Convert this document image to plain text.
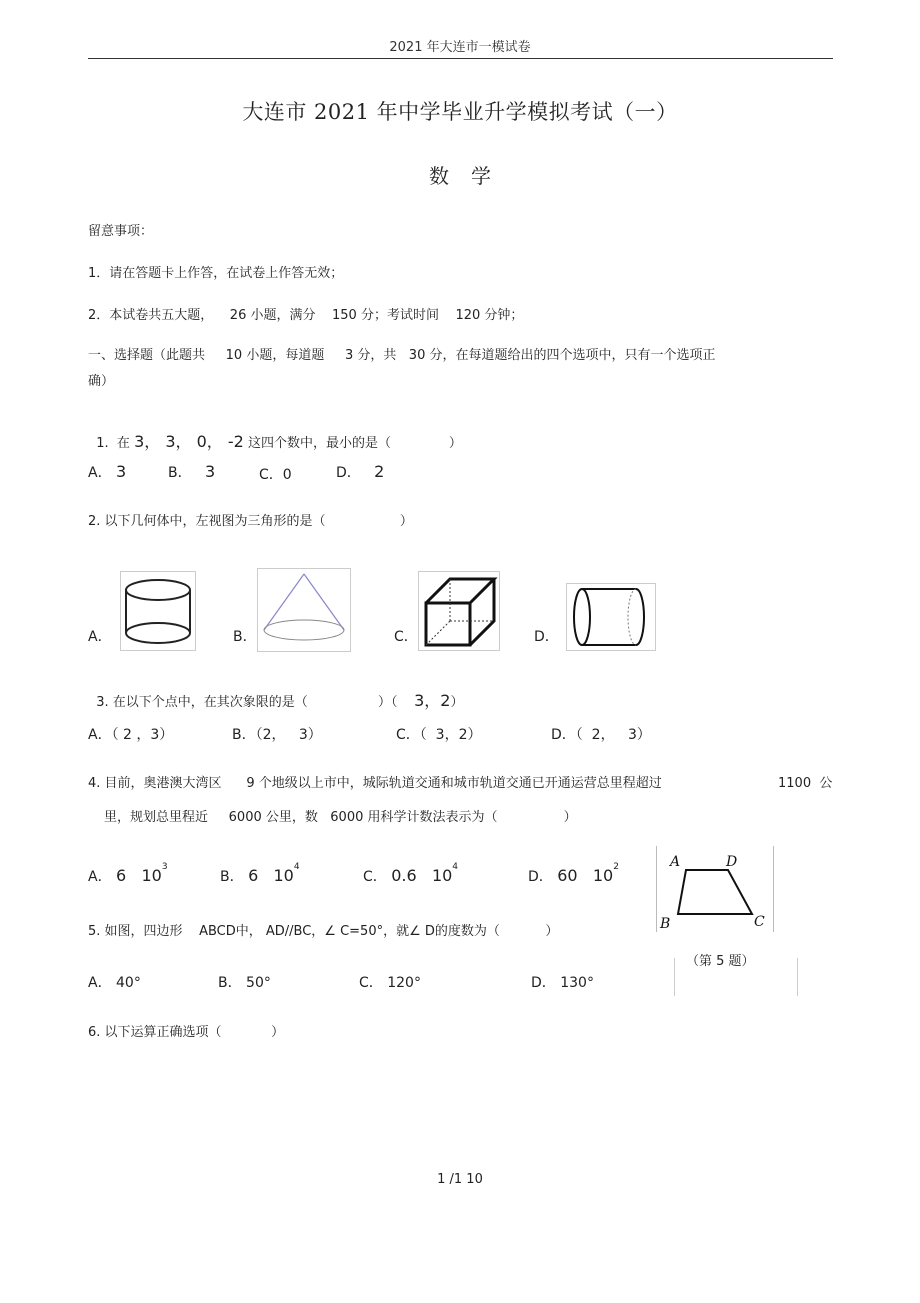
2021 年大连市一模试卷
大连市 2021 年中学毕业升学模拟考试（一）
数学
留意事项：
1．请在答题卡上作答，在试卷上作答无效；
2．本试卷共五大题，    26 小题，满分    150 分；考试时间    120 分钟；
一、选择题（此题共     10 小题，每道题     3 分，共   30 分，在每道题给出的四个选项中，只有一个选项正
确）

1.  在 3， 3， 0， -2 这四个数中，最小的是（              ）

A． 3	B． 3	C．0	D． 2
2. 以下几何体中，左视图为三角形的是（                  ）
A．	B．	C．	D．

3. 在以下个点中，在其次象限的是（                 ）（    3，2）

A．（ 2 ，3）	B．（2，   3）	C．（  3，2）	D．（  2，   3）
4. 目前，奥港澳大湾区      9 个地级以上市中，城际轨道交通和城市轨道交通已开通运营总里程超过	1100  公
里，规划总里程近     6000 公里，数   6000 用科学计数法表示为（                ）
A． 6   $10^3$
B． 6   $10^4$
C． 0.6   $10^4$
D． 60   $10^2$	A	D
B	C
（第 5 题）
5. 如图，四边形    ABCD中， AD//BC，∠ C=50°，就∠ D的度数为（           ）
A． 40°	B． 50°	C． 120°	D． 130°
6. 以下运算正确选项（            ）
1 /1 10
